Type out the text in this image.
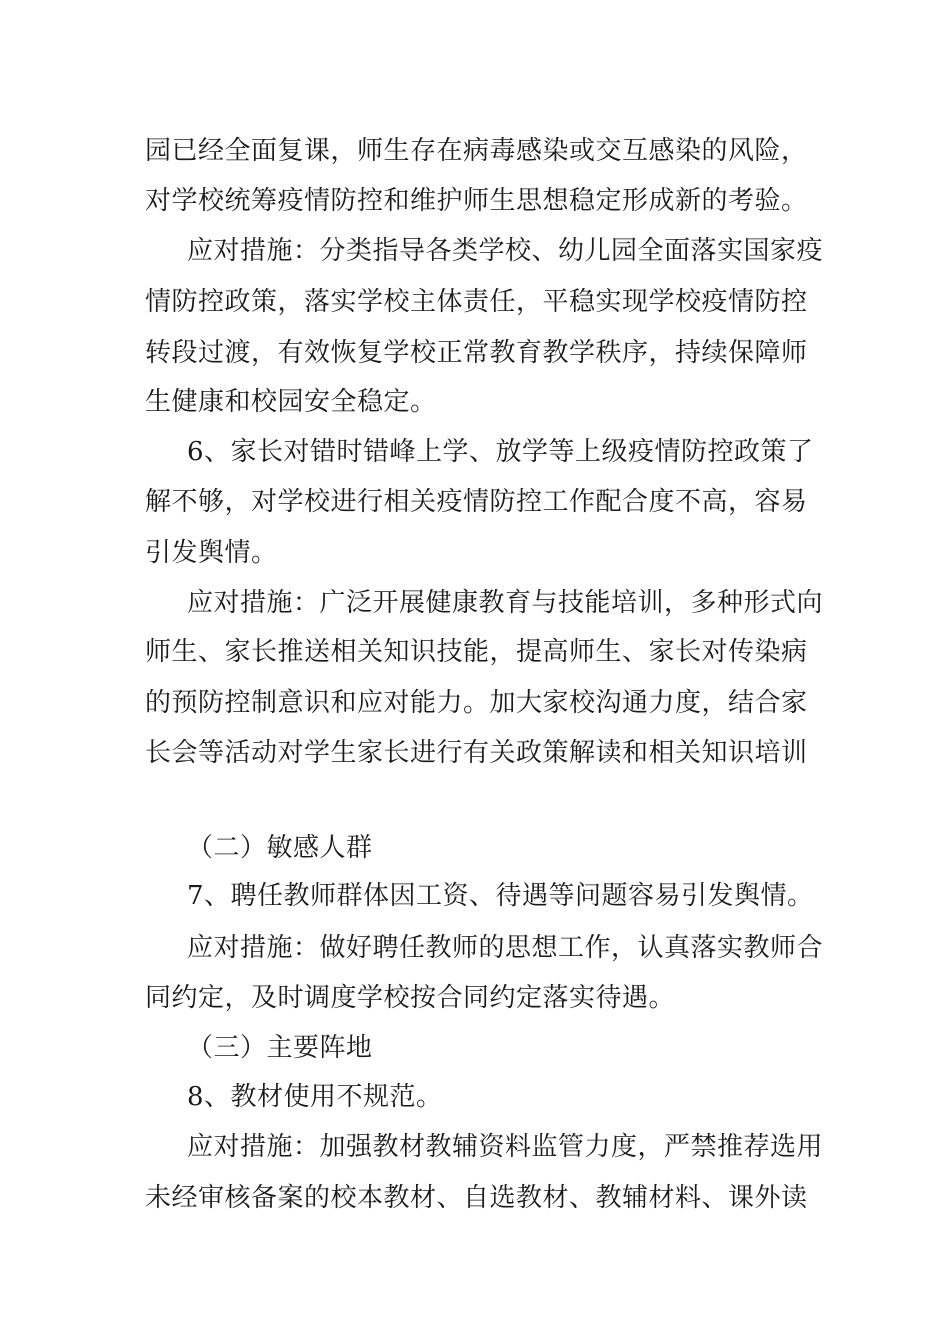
园已经全面复课，师生存在病毒感染或交互感染的风险，
对学校统筹疫情防控和维护师生思想稳定形成新的考验。
应对措施：分类指导各类学校、幼儿园全面落实国家疫
情防控政策，落实学校主体责任，平稳实现学校疫情防控
转段过渡，有效恢复学校正常教育教学秩序，持续保障师
生健康和校园安全稳定。
6、家长对错时错峰上学、放学等上级疫情防控政策了
解不够，对学校进行相关疫情防控工作配合度不高，容易
引发舆情。
应对措施：广泛开展健康教育与技能培训，多种形式向
师生、家长推送相关知识技能，提高师生、家长对传染病
的预防控制意识和应对能力。加大家校沟通力度，结合家
长会等活动对学生家长进行有关政策解读和相关知识培训
（二）敏感人群
7、聘任教师群体因工资、待遇等问题容易引发舆情。
应对措施：做好聘任教师的思想工作，认真落实教师合
同约定，及时调度学校按合同约定落实待遇。
（三）主要阵地
8、教材使用不规范。
应对措施：加强教材教辅资料监管力度，严禁推荐选用
未经审核备案的校本教材、自选教材、教辅材料、课外读
